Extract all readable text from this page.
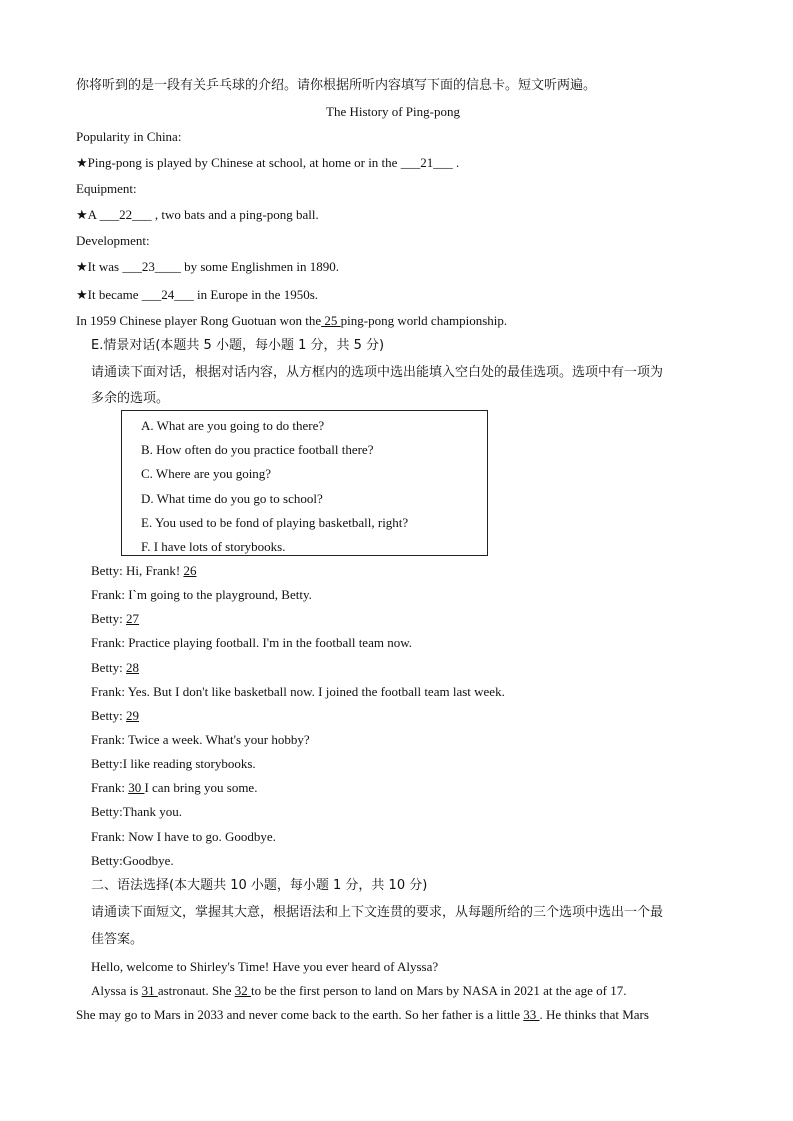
你将听到的是一段有关乒乓球的介绍。请你根据所听内容填写下面的信息卡。短文听两遍。
The History of Ping-pong
Popularity in China:
★Ping-pong is played by Chinese at school, at home or in the ___21___ .
Equipment:
★A ___22___ , two bats and a ping-pong ball.
Development:
★It was ___23____ by some Englishmen in 1890.
★It became ___24___ in Europe in the 1950s.
In 1959 Chinese player Rong Guotuan won the 25 ping-pong world championship.
E.情景对话(本题共 5 小题，每小题 1 分，共 5 分)
请通读下面对话，根据对话内容，从方框内的选项中选出能填入空白处的最佳选项。选项中有一项为
多余的选项。
A. What are you going to do there?
B. How often do you practice football there?
C. Where are you going?
D. What time do you go to school?
E. You used to be fond of playing basketball, right?
F. I have lots of storybooks.
Betty: Hi, Frank! 26
Frank: I`m going to the playground, Betty.
Betty: 27
Frank: Practice playing football. I'm in the football team now.
Betty: 28
Frank: Yes. But I don't like basketball now. I joined the football team last week.
Betty: 29
Frank: Twice a week. What's your hobby?
Betty:I like reading storybooks.
Frank: 30 I can bring you some.
Betty:Thank you.
Frank: Now I have to go. Goodbye.
Betty:Goodbye.
二、语法选择(本大题共 10 小题，每小题 1 分，共 10 分)
请通读下面短文，掌握其大意，根据语法和上下文连贯的要求，从每题所给的三个选项中选出一个最
佳答案。
Hello, welcome to Shirley's Time! Have you ever heard of Alyssa?
Alyssa is 31 astronaut. She 32 to be the first person to land on Mars by NASA in 2021 at the age of 17.
She may go to Mars in 2033 and never come back to the earth. So her father is a little 33 . He thinks that Mars
